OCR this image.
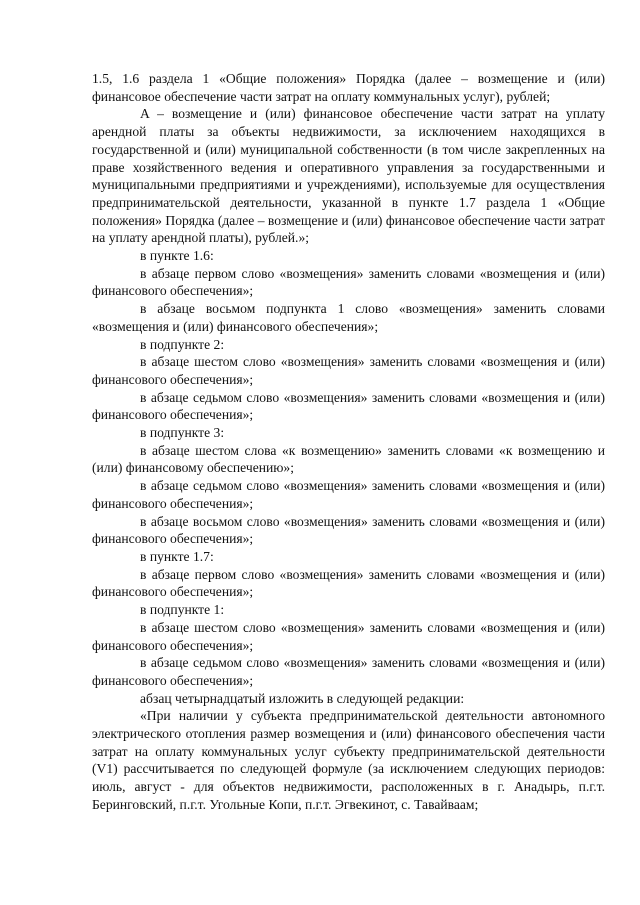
1.5, 1.6 раздела 1 «Общие положения» Порядка (далее – возмещение и (или) финансовое обеспечение части затрат на оплату коммунальных услуг), рублей;

A – возмещение и (или) финансовое обеспечение части затрат на уплату арендной платы за объекты недвижимости, за исключением находящихся в государственной и (или) муниципальной собственности (в том числе закрепленных на праве хозяйственного ведения и оперативного управления за государственными и муниципальными предприятиями и учреждениями), используемые для осуществления предпринимательской деятельности, указанной в пункте 1.7 раздела 1 «Общие положения» Порядка (далее – возмещение и (или) финансовое обеспечение части затрат на уплату арендной платы), рублей.»;

в пункте 1.6:

в абзаце первом слово «возмещения» заменить словами «возмещения и (или) финансового обеспечения»;

в абзаце восьмом подпункта 1 слово «возмещения» заменить словами «возмещения и (или) финансового обеспечения»;

в подпункте 2:

в абзаце шестом слово «возмещения» заменить словами «возмещения и (или) финансового обеспечения»;

в абзаце седьмом слово «возмещения» заменить словами «возмещения и (или) финансового обеспечения»;

в подпункте 3:

в абзаце шестом слова «к возмещению» заменить словами «к возмещению и (или) финансовому обеспечению»;

в абзаце седьмом слово «возмещения» заменить словами «возмещения и (или) финансового обеспечения»;

в абзаце восьмом слово «возмещения» заменить словами «возмещения и (или) финансового обеспечения»;

в пункте 1.7:

в абзаце первом слово «возмещения» заменить словами «возмещения и (или) финансового обеспечения»;

в подпункте 1:

в абзаце шестом слово «возмещения» заменить словами «возмещения и (или) финансового обеспечения»;

в абзаце седьмом слово «возмещения» заменить словами «возмещения и (или) финансового обеспечения»;

абзац четырнадцатый изложить в следующей редакции:

«При наличии у субъекта предпринимательской деятельности автономного электрического отопления размер возмещения и (или) финансового обеспечения части затрат на оплату коммунальных услуг субъекту предпринимательской деятельности (V1) рассчитывается по следующей формуле (за исключением следующих периодов: июль, август - для объектов недвижимости, расположенных в г. Анадырь, п.г.т. Беринговский, п.г.т. Угольные Копи, п.г.т. Эгвекинот, с. Тавайваам;
